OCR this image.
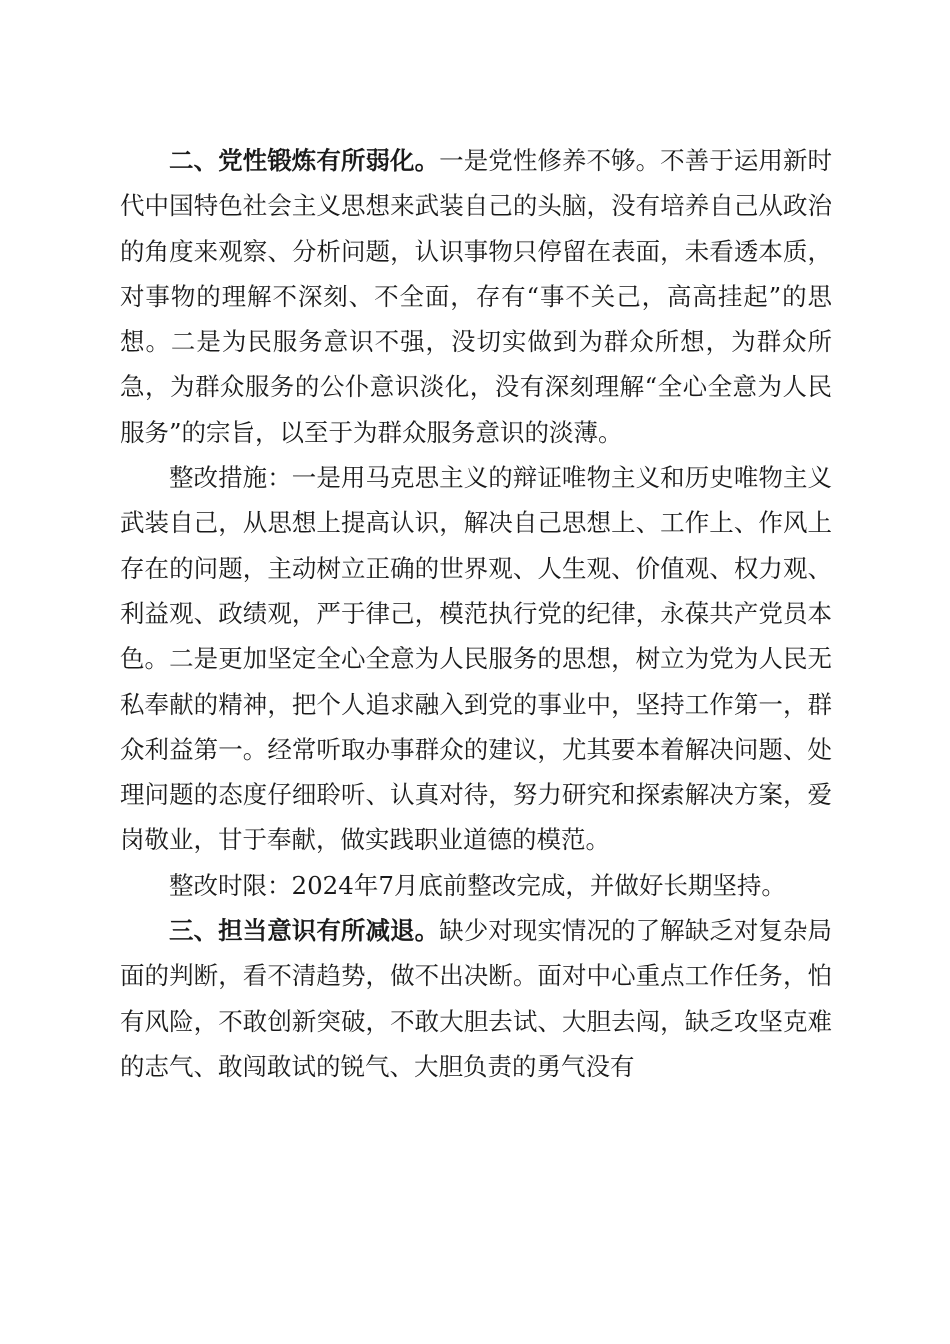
二、党性锻炼有所弱化。一是党性修养不够。不善于运用新时代中国特色社会主义思想来武装自己的头脑，没有培养自己从政治的角度来观察、分析问题，认识事物只停留在表面，未看透本质，对事物的理解不深刻、不全面，存有“事不关己，高高挂起”的思想。二是为民服务意识不强，没切实做到为群众所想，为群众所急，为群众服务的公仆意识淡化，没有深刻理解“全心全意为人民服务”的宗旨，以至于为群众服务意识的淡薄。

整改措施：一是用马克思主义的辩证唯物主义和历史唯物主义武装自己，从思想上提高认识，解决自己思想上、工作上、作风上存在的问题，主动树立正确的世界观、人生观、价值观、权力观、利益观、政绩观，严于律己，模范执行党的纪律，永葆共产党员本色。二是更加坚定全心全意为人民服务的思想，树立为党为人民无私奉献的精神，把个人追求融入到党的事业中，坚持工作第一，群众利益第一。经常听取办事群众的建议，尤其要本着解决问题、处理问题的态度仔细聆听、认真对待，努力研究和探索解决方案，爱岗敬业，甘于奉献，做实践职业道德的模范。

整改时限：2024年7月底前整改完成，并做好长期坚持。

三、担当意识有所减退。缺少对现实情况的了解缺乏对复杂局面的判断，看不清趋势，做不出决断。面对中心重点工作任务，怕有风险，不敢创新突破，不敢大胆去试、大胆去闯，缺乏攻坚克难的志气、敢闯敢试的锐气、大胆负责的勇气没有
